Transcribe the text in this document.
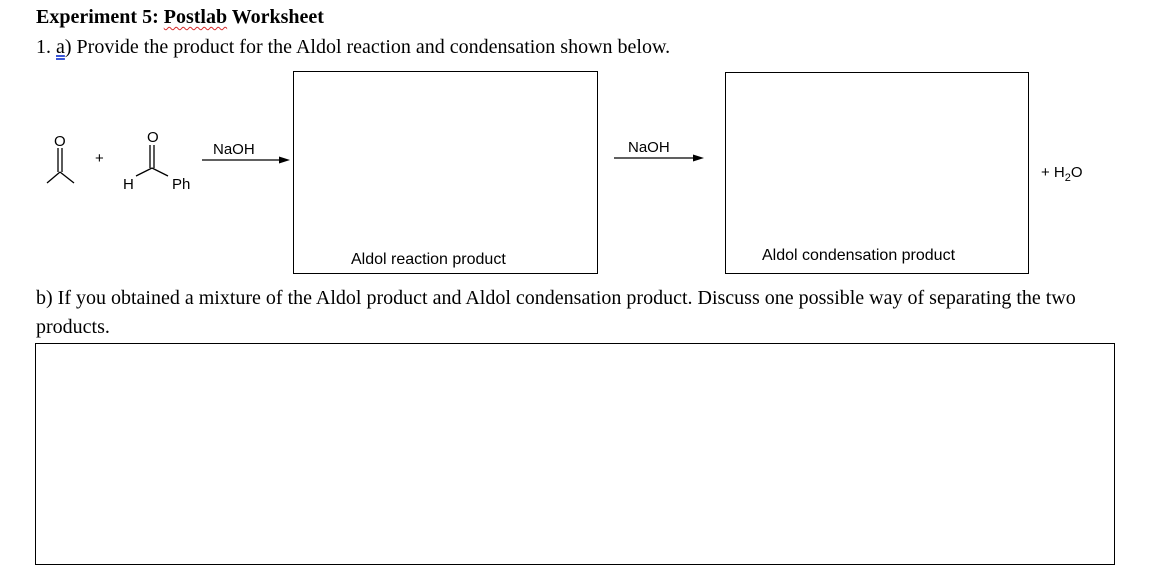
Experiment 5: Postlab Worksheet
1. a) Provide the product for the Aldol reaction and condensation shown below.
O
+
O
H	Ph
NaOH	NaOH
+ $H_2O$
Aldol reaction product	Aldol condensation product
b) If you obtained a mixture of the Aldol product and Aldol condensation product. Discuss one possible way of separating the two products.
